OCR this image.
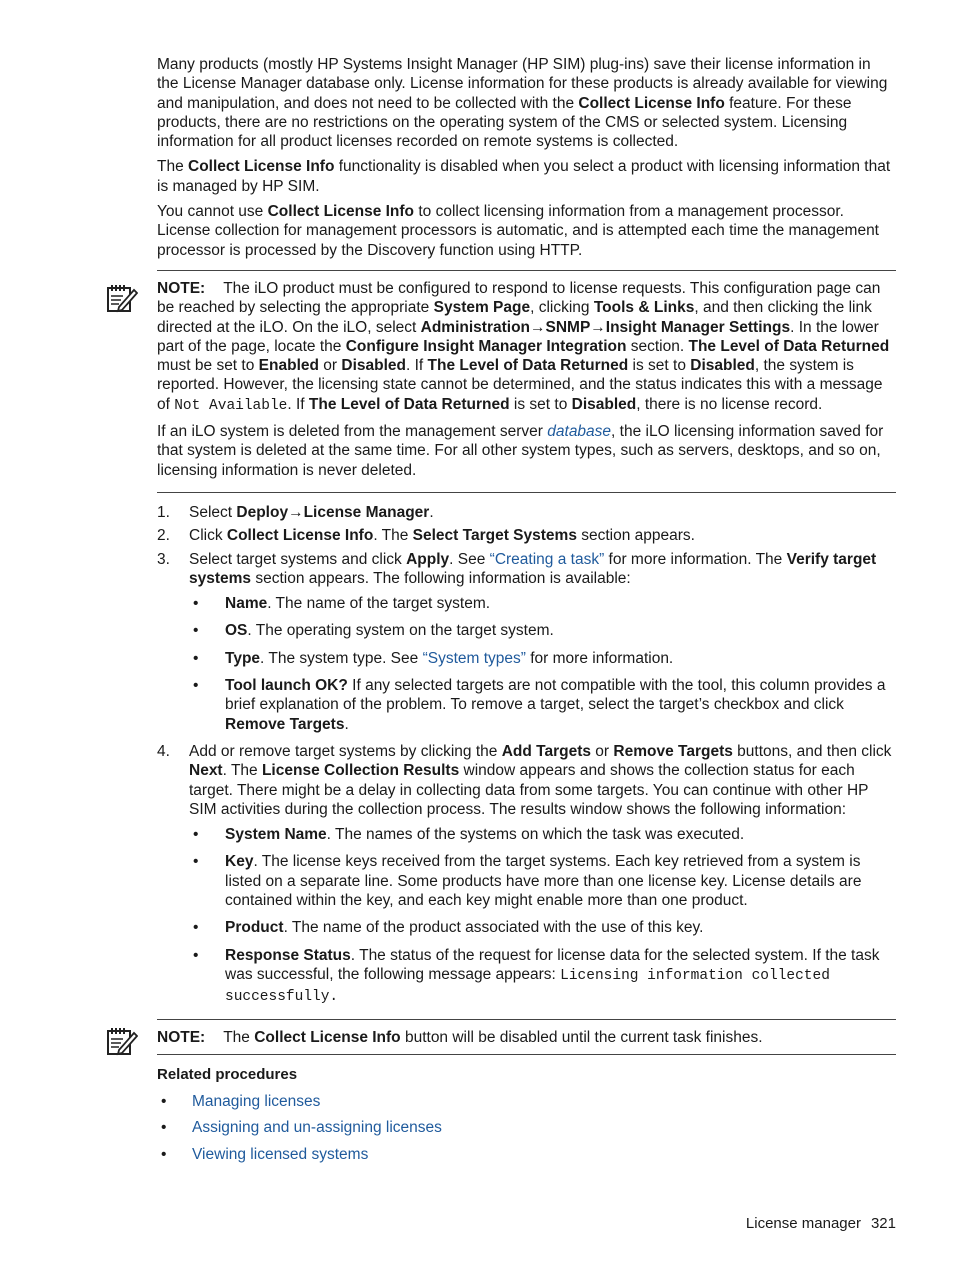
Many products (mostly HP Systems Insight Manager (HP SIM) plug-ins) save their license information in the License Manager database only. License information for these products is already available for viewing and manipulation, and does not need to be collected with the Collect License Info feature. For these products, there are no restrictions on the operating system of the CMS or selected system. Licensing information for all product licenses recorded on remote systems is collected.

The Collect License Info functionality is disabled when you select a product with licensing information that is managed by HP SIM.

You cannot use Collect License Info to collect licensing information from a management processor. License collection for management processors is automatic, and is attempted each time the management processor is processed by the Discovery function using HTTP.

NOTE: The iLO product must be configured to respond to license requests. This configuration page can be reached by selecting the appropriate System Page, clicking Tools & Links, and then clicking the link directed at the iLO. On the iLO, select Administration→SNMP→Insight Manager Settings. In the lower part of the page, locate the Configure Insight Manager Integration section. The Level of Data Returned must be set to Enabled or Disabled. If The Level of Data Returned is set to Disabled, the system is reported. However, the licensing state cannot be determined, and the status indicates this with a message of Not Available. If The Level of Data Returned is set to Disabled, there is no license record.

If an iLO system is deleted from the management server database, the iLO licensing information saved for that system is deleted at the same time. For all other system types, such as servers, desktops, and so on, licensing information is never deleted.

1. Select Deploy→License Manager.
2. Click Collect License Info. The Select Target Systems section appears.
3. Select target systems and click Apply. See “Creating a task” for more information. The Verify target systems section appears. The following information is available:
• Name. The name of the target system.
• OS. The operating system on the target system.
• Type. The system type. See “System types” for more information.
• Tool launch OK? If any selected targets are not compatible with the tool, this column provides a brief explanation of the problem. To remove a target, select the target’s checkbox and click Remove Targets.
4. Add or remove target systems by clicking the Add Targets or Remove Targets buttons, and then click Next. The License Collection Results window appears and shows the collection status for each target. There might be a delay in collecting data from some targets. You can continue with other HP SIM activities during the collection process. The results window shows the following information:
• System Name. The names of the systems on which the task was executed.
• Key. The license keys received from the target systems. Each key retrieved from a system is listed on a separate line. Some products have more than one license key. License details are contained within the key, and each key might enable more than one product.
• Product. The name of the product associated with the use of this key.
• Response Status. The status of the request for license data for the selected system. If the task was successful, the following message appears: Licensing information collected successfully.

NOTE: The Collect License Info button will be disabled until the current task finishes.

Related procedures
• Managing licenses
• Assigning and un-assigning licenses
• Viewing licensed systems
License manager 321
